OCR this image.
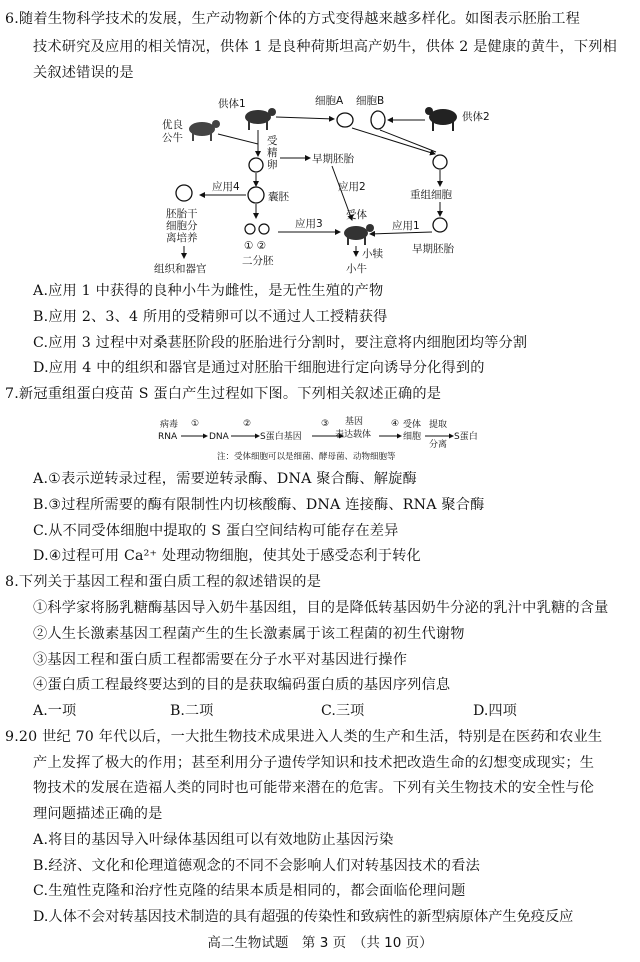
6.随着生物科学技术的发展，生产动物新个体的方式变得越来越多样化。如图表示胚胎工程
技术研究及应用的相关情况，供体 1 是良种荷斯坦高产奶牛，供体 2 是健康的黄牛，下列相
关叙述错误的是
供体1
优良
公牛
供体2
细胞A 细胞B
受
精
卵	早期胚胎
重组细胞
早期胚胎
应用1
应用2
囊胚
应用4
胚胎干
细胞分
离培养
组织和器官
① ②
二分胚
应用3
受体
小犊
小牛
A.应用 1 中获得的良种小牛为雌性，是无性生殖的产物
B.应用 2、3、4 所用的受精卵可以不通过人工授精获得
C.应用 3 过程中对桑葚胚阶段的胚胎进行分割时，要注意将内细胞团均等分割
D.应用 4 中的组织和器官是通过对胚胎干细胞进行定向诱导分化得到的
7.新冠重组蛋白疫苗 S 蛋白产生过程如下图。下列相关叙述正确的是
病毒
RNA
①
DNA
②
S蛋白基因
③ 基因
表达载体
④ 受体
细胞
提取
分离
S蛋白
注：受体细胞可以是细菌、酵母菌、动物细胞等
A.①表示逆转录过程，需要逆转录酶、DNA 聚合酶、解旋酶
B.③过程所需要的酶有限制性内切核酸酶、DNA 连接酶、RNA 聚合酶
C.从不同受体细胞中提取的 S 蛋白空间结构可能存在差异
D.④过程可用 Ca²⁺ 处理动物细胞，使其处于感受态利于转化
8.下列关于基因工程和蛋白质工程的叙述错误的是
①科学家将肠乳糖酶基因导入奶牛基因组，目的是降低转基因奶牛分泌的乳汁中乳糖的含量
②人生长激素基因工程菌产生的生长激素属于该工程菌的初生代谢物
③基因工程和蛋白质工程都需要在分子水平对基因进行操作
④蛋白质工程最终要达到的目的是获取编码蛋白质的基因序列信息
A.一项	B.二项	C.三项	D.四项
9.20 世纪 70 年代以后，一大批生物技术成果进入人类的生产和生活，特别是在医药和农业生
产上发挥了极大的作用；甚至利用分子遗传学知识和技术把改造生命的幻想变成现实；生
物技术的发展在造福人类的同时也可能带来潜在的危害。下列有关生物技术的安全性与伦
理问题描述正确的是
A.将目的基因导入叶绿体基因组可以有效地防止基因污染
B.经济、文化和伦理道德观念的不同不会影响人们对转基因技术的看法
C.生殖性克隆和治疗性克隆的结果本质是相同的，都会面临伦理问题
D.人体不会对转基因技术制造的具有超强的传染性和致病性的新型病原体产生免疫反应
高二生物试题　第 3 页　（共 10 页）
